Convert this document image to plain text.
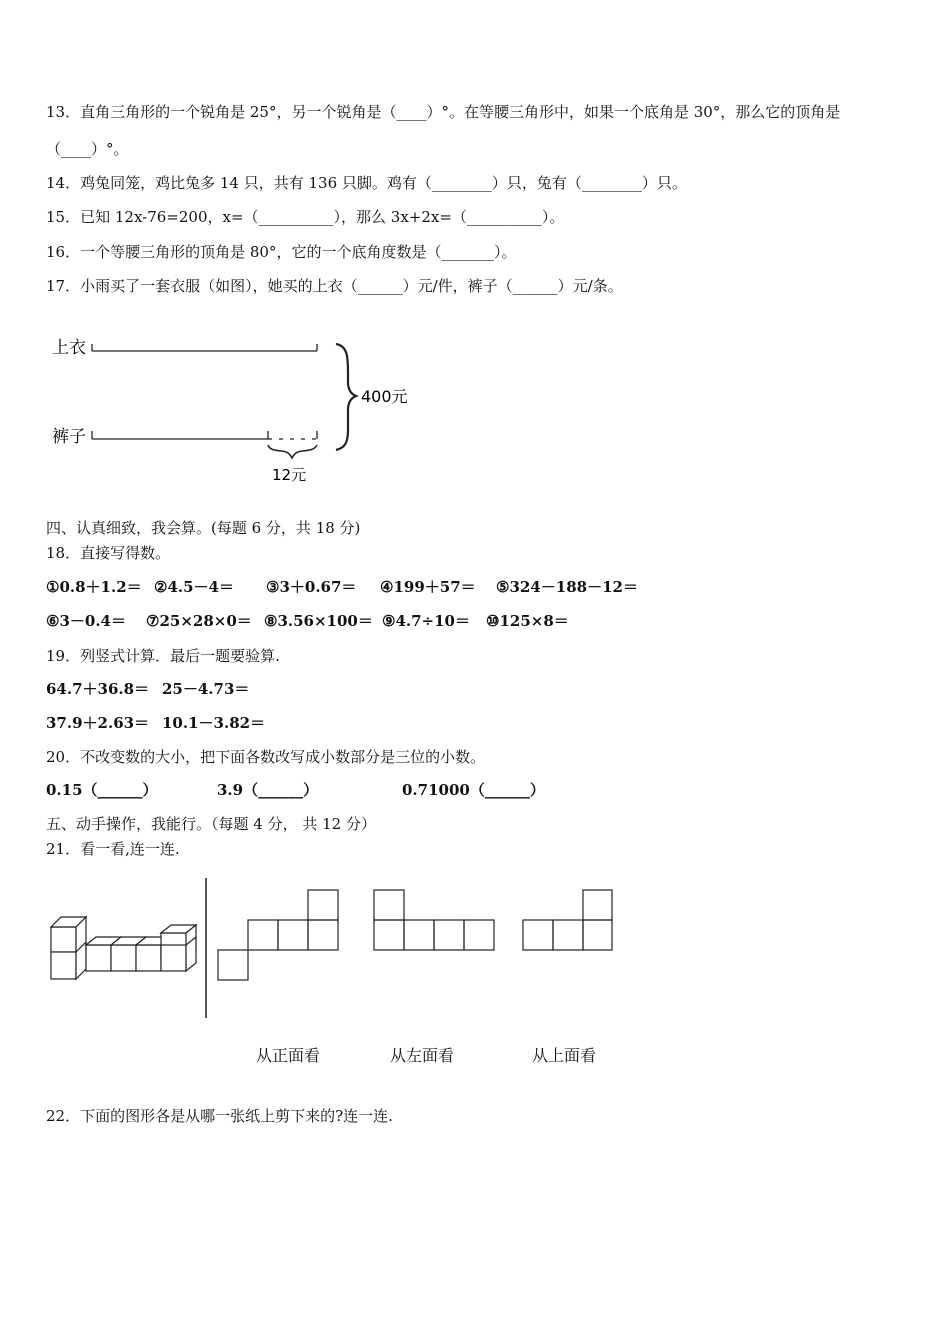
13．直角三角形的一个锐角是 25°，另一个锐角是（____）°。在等腰三角形中，如果一个底角是 30°，那么它的顶角是
（____）°。
14．鸡兔同笼，鸡比兔多 14 只，共有 136 只脚。鸡有（________）只，兔有（________）只。
15．已知 12x-76=200，x=（__________），那么 3x+2x=（__________）。
16．一个等腰三角形的顶角是 80°，它的一个底角度数是（_______）。
17．小雨买了一套衣服（如图），她买的上衣（______）元/件，裤子（______）元/条。
上衣
裤子
400元
12元
四、认真细致，我会算。(每题 6 分，共 18 分)
18．直接写得数。
①0.8＋1.2＝ ②4.5－4＝ ③3＋0.67＝ ④199＋57＝ ⑤324－188－12＝
⑥3－0.4＝ ⑦25×28×0＝ ⑧3.56×100＝ ⑨4.7÷10＝ ⑩125×8＝
19．列竖式计算．最后一题要验算.
64.7＋36.8＝ 25－4.73＝
37.9＋2.63＝ 10.1－3.82＝
20．不改变数的大小，把下面各数改写成小数部分是三位的小数。
0.15（______）	3.9（______）	0.71000（______）
五、动手操作，我能行。（每题 4 分， 共 12 分）
21．看一看,连一连.
从正面看	从左面看	从上面看
22．下面的图形各是从哪一张纸上剪下来的?连一连.
